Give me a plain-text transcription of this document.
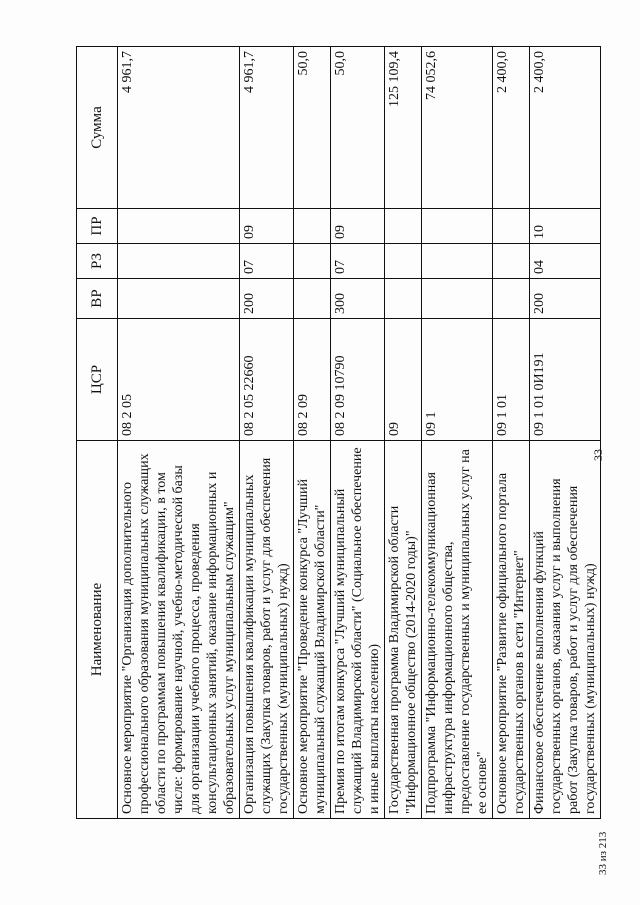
33
33 из 213
Наименование	ЦСР	ВР	РЗ	ПР	Сумма
Основное мероприятие "Организация дополнительного профессионального образования муниципальных служащих области по программам повышения квалификации, в том числе: формирование научной, учебно-методической базы для организации учебного процесса, проведения консультационных занятий, оказание информационных и образовательных услуг муниципальным служащим"	08 2 05				4 961,7
Организация повышения квалификации муниципальных служащих (Закупка товаров, работ и услуг для обеспечения государственных (муниципальных) нужд)	08 2 05 22660	200	07	09	4 961,7
Основное мероприятие "Проведение конкурса "Лучший муниципальный служащий Владимирской области"	08 2 09				50,0
Премия по итогам конкурса "Лучший муниципальный служащий Владимирской области" (Социальное обеспечение и иные выплаты населению)	08 2 09 10790	300	07	09	50,0
Государственная программа Владимирской области "Информационное общество (2014-2020 годы)"	09				125 109,4
Подпрограмма "Информационно-телекоммуникационная инфраструктура информационного общества, предоставление государственных и муниципальных услуг на ее основе"	09 1				74 052,6
Основное мероприятие "Развитие официального портала государственных органов в сети "Интернет"	09 1 01				2 400,0
Финансовое обеспечение выполнения функций государственных органов, оказания услуг и выполнения работ (Закупка товаров, работ и услуг для обеспечения государственных (муниципальных) нужд)	09 1 01 0И191	200	04	10	2 400,0
